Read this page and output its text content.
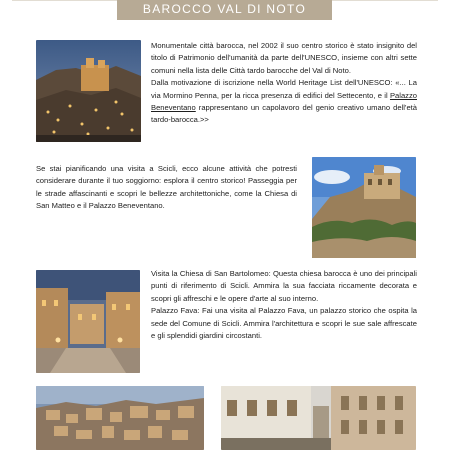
BAROCCO VAL DI NOTO

Monumentale città barocca, nel 2002 il suo centro storico è stato insignito del titolo di Patrimonio dell'umanità da parte dell'UNESCO, insieme con altri sette comuni nella lista delle Città tardo barocche del Val di Noto.

Dalla motivazione di iscrizione nella World Heritage List dell'UNESCO: «... La via Mormino Penna, per la ricca presenza di edifici del Settecento, e il Palazzo Beneventano rappresentano un capolavoro del genio creativo umano dell'età tardo-barocca.>>

Se stai pianificando una visita a Scicli, ecco alcune attività che potresti considerare durante il tuo soggiorno: esplora il centro storico! Passeggia per le strade affascinanti e scopri le bellezze architettoniche, come la Chiesa di San Matteo e il Palazzo Beneventano.

Visita la Chiesa di San Bartolomeo: Questa chiesa barocca è uno dei principali punti di riferimento di Scicli. Ammira la sua facciata riccamente decorata e scopri gli affreschi e le opere d'arte al suo interno.

Palazzo Fava: Fai una visita al Palazzo Fava, un palazzo storico che ospita la sede del Comune di Scicli. Ammira l'architettura e scopri le sue sale affrescate e gli splendidi giardini circostanti.
